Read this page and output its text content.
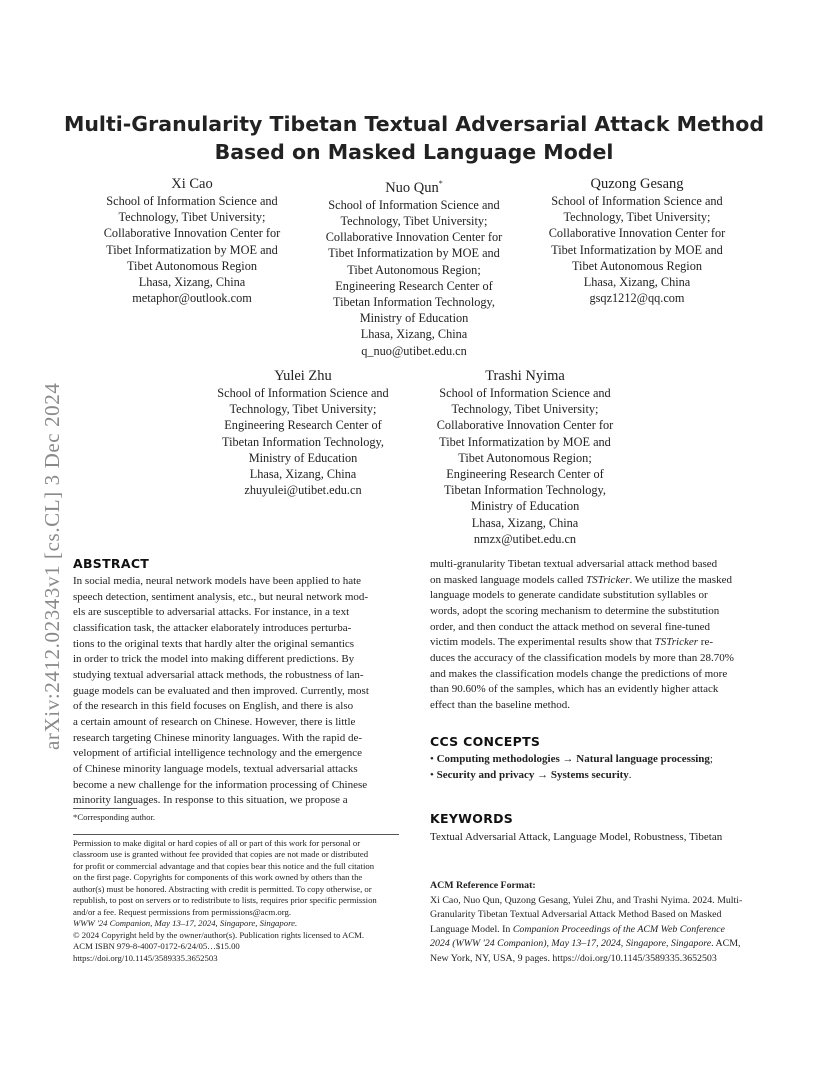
arXiv:2412.02343v1 [cs.CL] 3 Dec 2024
Multi-Granularity Tibetan Textual Adversarial Attack Method
Based on Masked Language Model
Xi Cao
School of Information Science and
Technology, Tibet University;
Collaborative Innovation Center for
Tibet Informatization by MOE and
Tibet Autonomous Region
Lhasa, Xizang, China
metaphor@outlook.com
Nuo Qun*
School of Information Science and
Technology, Tibet University;
Collaborative Innovation Center for
Tibet Informatization by MOE and
Tibet Autonomous Region;
Engineering Research Center of
Tibetan Information Technology,
Ministry of Education
Lhasa, Xizang, China
q_nuo@utibet.edu.cn
Quzong Gesang
School of Information Science and
Technology, Tibet University;
Collaborative Innovation Center for
Tibet Informatization by MOE and
Tibet Autonomous Region
Lhasa, Xizang, China
gsqz1212@qq.com
Yulei Zhu
School of Information Science and
Technology, Tibet University;
Engineering Research Center of
Tibetan Information Technology,
Ministry of Education
Lhasa, Xizang, China
zhuyulei@utibet.edu.cn
Trashi Nyima
School of Information Science and
Technology, Tibet University;
Collaborative Innovation Center for
Tibet Informatization by MOE and
Tibet Autonomous Region;
Engineering Research Center of
Tibetan Information Technology,
Ministry of Education
Lhasa, Xizang, China
nmzx@utibet.edu.cn
ABSTRACT
In social media, neural network models have been applied to hate
speech detection, sentiment analysis, etc., but neural network mod-
els are susceptible to adversarial attacks. For instance, in a text
classification task, the attacker elaborately introduces perturba-
tions to the original texts that hardly alter the original semantics
in order to trick the model into making different predictions. By
studying textual adversarial attack methods, the robustness of lan-
guage models can be evaluated and then improved. Currently, most
of the research in this field focuses on English, and there is also
a certain amount of research on Chinese. However, there is little
research targeting Chinese minority languages. With the rapid de-
velopment of artificial intelligence technology and the emergence
of Chinese minority language models, textual adversarial attacks
become a new challenge for the information processing of Chinese
minority languages. In response to this situation, we propose a
multi-granularity Tibetan textual adversarial attack method based
on masked language models called TSTricker. We utilize the masked
language models to generate candidate substitution syllables or
words, adopt the scoring mechanism to determine the substitution
order, and then conduct the attack method on several fine-tuned
victim models. The experimental results show that TSTricker re-
duces the accuracy of the classification models by more than 28.70%
and makes the classification models change the predictions of more
than 90.60% of the samples, which has an evidently higher attack
effect than the baseline method.
CCS CONCEPTS
• Computing methodologies → Natural language processing;
• Security and privacy → Systems security.
KEYWORDS
Textual Adversarial Attack, Language Model, Robustness, Tibetan
ACM Reference Format:
Xi Cao, Nuo Qun, Quzong Gesang, Yulei Zhu, and Trashi Nyima. 2024. Multi-
Granularity Tibetan Textual Adversarial Attack Method Based on Masked
Language Model. In Companion Proceedings of the ACM Web Conference
2024 (WWW '24 Companion), May 13–17, 2024, Singapore, Singapore. ACM,
New York, NY, USA, 9 pages. https://doi.org/10.1145/3589335.3652503
*Corresponding author.
Permission to make digital or hard copies of all or part of this work for personal or
classroom use is granted without fee provided that copies are not made or distributed
for profit or commercial advantage and that copies bear this notice and the full citation
on the first page. Copyrights for components of this work owned by others than the
author(s) must be honored. Abstracting with credit is permitted. To copy otherwise, or
republish, to post on servers or to redistribute to lists, requires prior specific permission
and/or a fee. Request permissions from permissions@acm.org.
WWW '24 Companion, May 13–17, 2024, Singapore, Singapore.
© 2024 Copyright held by the owner/author(s). Publication rights licensed to ACM.
ACM ISBN 979-8-4007-0172-6/24/05…$15.00
https://doi.org/10.1145/3589335.3652503
